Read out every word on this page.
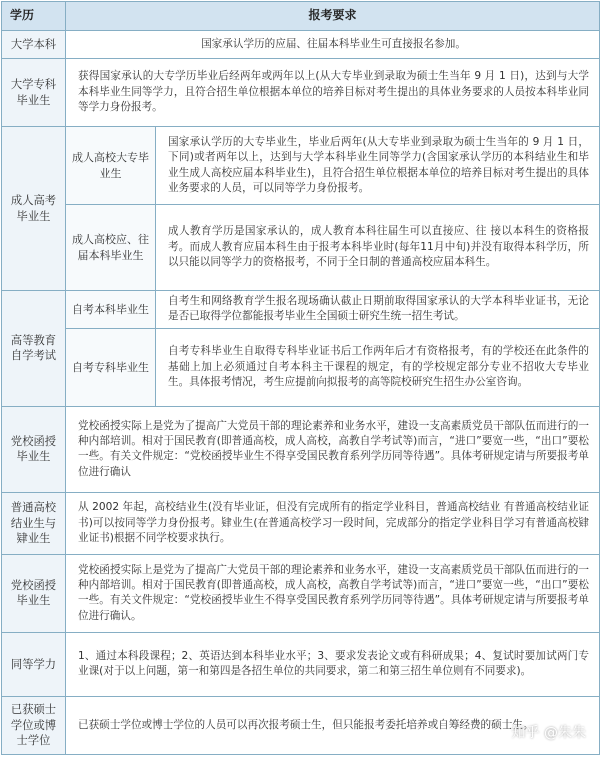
学历	报考要求	
大学本科	国家承认学历的应届、往届本科毕业生可直接报名参加。	
大学专科毕业生	获得国家承认的大专学历毕业后经两年或两年以上(从大专毕业到录取为硕士生当年 9 月 1 日)，达到与大学本科毕业生同等学力，且符合招生单位根据本单位的培养目标对考生提出的具体业务要求的人员按本科毕业同等学力身份报考。	
成人高考毕业生	成人高校大专毕业生	国家承认学历的大专毕业生，毕业后两年(从大专毕业到录取为硕士生当年的 9 月 1 日，下同)或者两年以上，达到与大学本科毕业生同等学力(含国家承认学历的本科结业生和毕业生成人高校应届本科毕业生)，且符合招生单位根据本单位的培养目标对考生提出的具体业务要求的人员，可以同等学力身份报考。
	成人高校应、往届本科毕业生	成人教育学历是国家承认的，成人教育本科往届生可以直接应、往 接以本科生的资格报考。而成人教育应届本科生由于报考本科毕业时(每年11月中旬)并没有取得本科学历，所以只能以同等学力的资格报考，不同于全日制的普通高校应届本科生。
高等教育自学考试	自考本科毕业生	自考生和网络教育学生报名现场确认截止日期前取得国家承认的大学本科毕业证书，无论是否已取得学位都能报考毕业生全国硕士研究生统一招生考试。
	自考专科毕业生	自考专科毕业生自取得专科毕业证书后工作两年后才有资格报考，有的学校还在此条件的基础上加上必须通过自考本科主干课程的规定，有的学校规定部分专业不招收大专毕业生。具体报考情况，考生应提前向拟报考的高等院校研究生招生办公室咨询。
党校函授毕业生	党校函授实际上是党为了提高广大党员干部的理论素养和业务水平，建设一支高素质党员干部队伍而进行的一种内部培训。相对于国民教育(即普通高校，成人高校，高教自学考试等)而言，“进口”要宽一些，“出口”要松一些。有关文件规定：“党校函授毕业生不得享受国民教育系列学历同等待遇”。具体考研规定请与所要报考单位进行确认	
普通高校结业生与肄业生	从 2002 年起，高校结业生(没有毕业证，但没有完成所有的指定学业科目，普通高校结业 有普通高校结业证书)可以按同等学力身份报考。肄业生(在普通高校学习一段时间，完成部分的指定学业科目学习有普通高校肄业证书)根据不同学校要求执行。	
党校函授毕业生	党校函授实际上是党为了提高广大党员干部的理论素养和业务水平，建设一支高素质党员干部队伍而进行的一种内部培训。相对于国民教育(即普通高校，成人高校，高教自学考试等)而言，“进口”要宽一些，“出口”要松一些。有关文件规定：“党校函授毕业生不得享受国民教育系列学历同等待遇”。具体考研规定请与所要报考单位进行确认。	
同等学力	1、通过本科段课程；2、英语达到本科毕业水平；3、要求发表论文或有科研成果；4、复试时要加试两门专业课(对于以上问题，第一和第四是各招生单位的共同要求，第二和第三招生单位则有不同要求)。	
已获硕士学位或博士学位	已获硕士学位或博士学位的人员可以再次报考硕士生，但只能报考委托培养或自筹经费的硕士生。	
知乎 @朱朱
